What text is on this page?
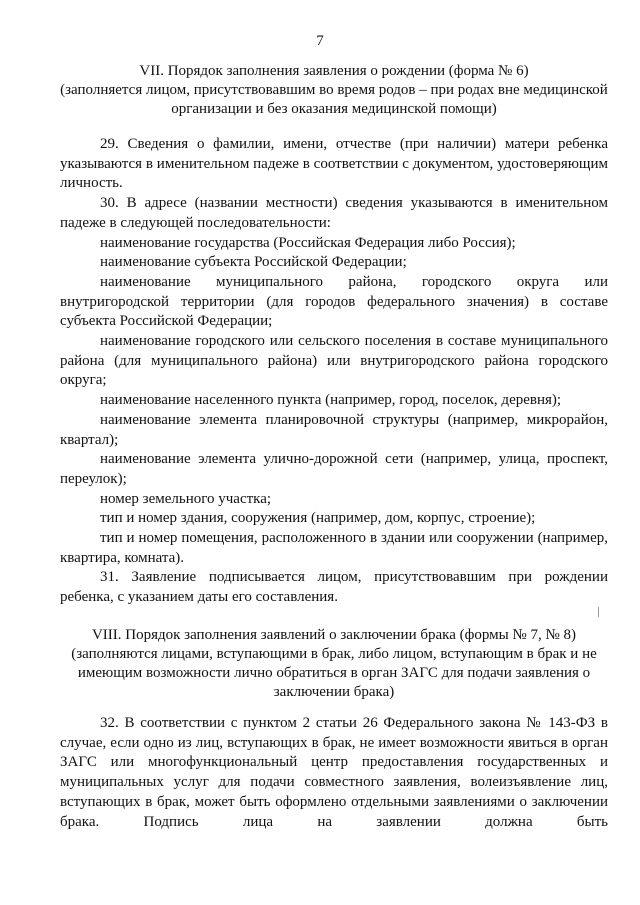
7
VII. Порядок заполнения заявления о рождении (форма № 6)
(заполняется лицом, присутствовавшим во время родов – при родах вне медицинской организации и без оказания медицинской помощи)

29. Сведения о фамилии, имени, отчестве (при наличии) матери ребенка указываются в именительном падеже в соответствии с документом, удостоверяющим личность.

30. В адресе (названии местности) сведения указываются в именительном падеже в следующей последовательности:

наименование государства (Российская Федерация либо Россия);

наименование субъекта Российской Федерации;

наименование муниципального района, городского округа или внутригородской территории (для городов федерального значения) в составе субъекта Российской Федерации;

наименование городского или сельского поселения в составе муниципального района (для муниципального района) или внутригородского района городского округа;

наименование населенного пункта (например, город, поселок, деревня);

наименование элемента планировочной структуры (например, микрорайон, квартал);

наименование элемента улично-дорожной сети (например, улица, проспект, переулок);

номер земельного участка;

тип и номер здания, сооружения (например, дом, корпус, строение);

тип и номер помещения, расположенного в здании или сооружении (например, квартира, комната).

31. Заявление подписывается лицом, присутствовавшим при рождении ребенка, с указанием даты его составления.

VIII. Порядок заполнения заявлений о заключении брака (формы № 7, № 8)
(заполняются лицами, вступающими в брак, либо лицом, вступающим в брак и не имеющим возможности лично обратиться в орган ЗАГС для подачи заявления о заключении брака)

32. В соответствии с пунктом 2 статьи 26 Федерального закона № 143-ФЗ в случае, если одно из лиц, вступающих в брак, не имеет возможности явиться в орган ЗАГС или многофункциональный центр предоставления государственных и муниципальных услуг для подачи совместного заявления, волеизъявление лиц, вступающих в брак, может быть оформлено отдельными заявлениями о заключении брака. Подпись лица на заявлении должна быть
